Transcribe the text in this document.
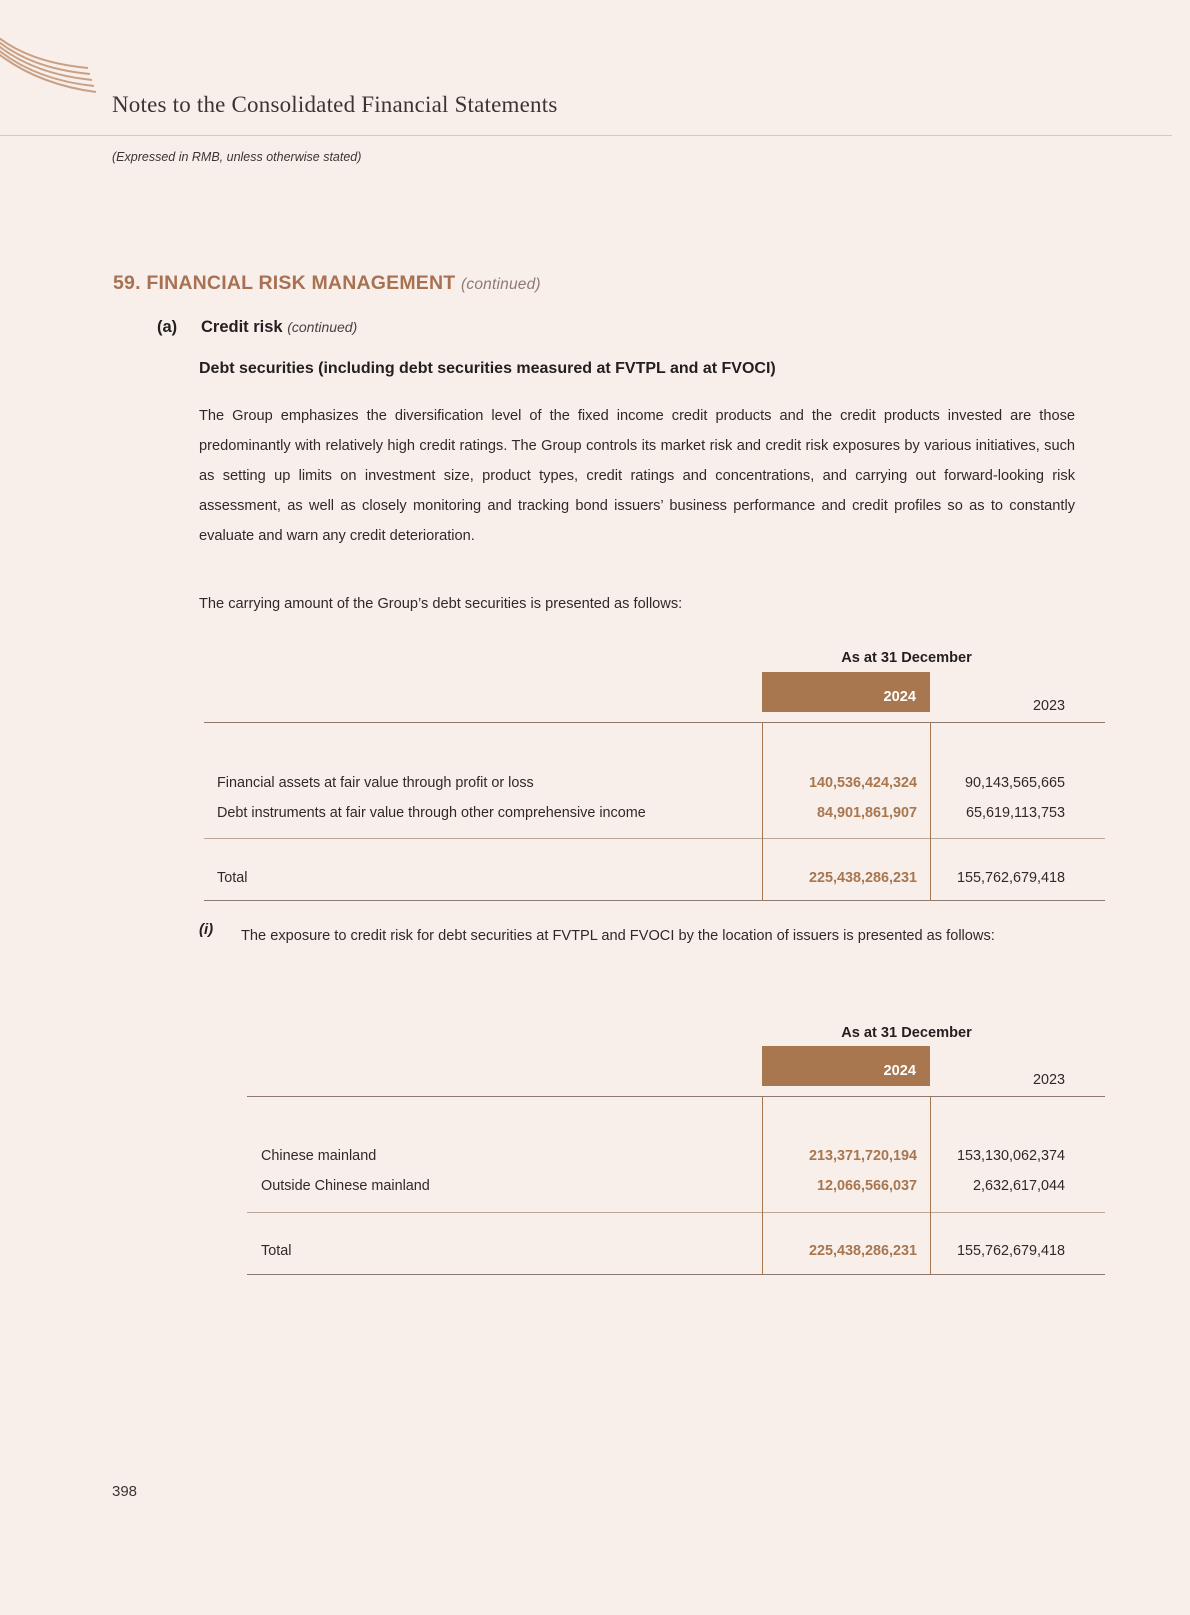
Notes to the Consolidated Financial Statements
(Expressed in RMB, unless otherwise stated)
59. FINANCIAL RISK MANAGEMENT (continued)
(a) Credit risk (continued)
Debt securities (including debt securities measured at FVTPL and at FVOCI)
The Group emphasizes the diversification level of the fixed income credit products and the credit products invested are those predominantly with relatively high credit ratings. The Group controls its market risk and credit risk exposures by various initiatives, such as setting up limits on investment size, product types, credit ratings and concentrations, and carrying out forward-looking risk assessment, as well as closely monitoring and tracking bond issuers’ business performance and credit profiles so as to constantly evaluate and warn any credit deterioration.
The carrying amount of the Group’s debt securities is presented as follows:
As at 31 December
2024
2023
Financial assets at fair value through profit or loss	140,536,424,324	90,143,565,665
Debt instruments at fair value through other comprehensive income	84,901,861,907	65,619,113,753
Total	225,438,286,231	155,762,679,418
(i) The exposure to credit risk for debt securities at FVTPL and FVOCI by the location of issuers is presented as follows:
As at 31 December
2024
2023
Chinese mainland	213,371,720,194	153,130,062,374
Outside Chinese mainland	12,066,566,037	2,632,617,044
Total	225,438,286,231	155,762,679,418
398
